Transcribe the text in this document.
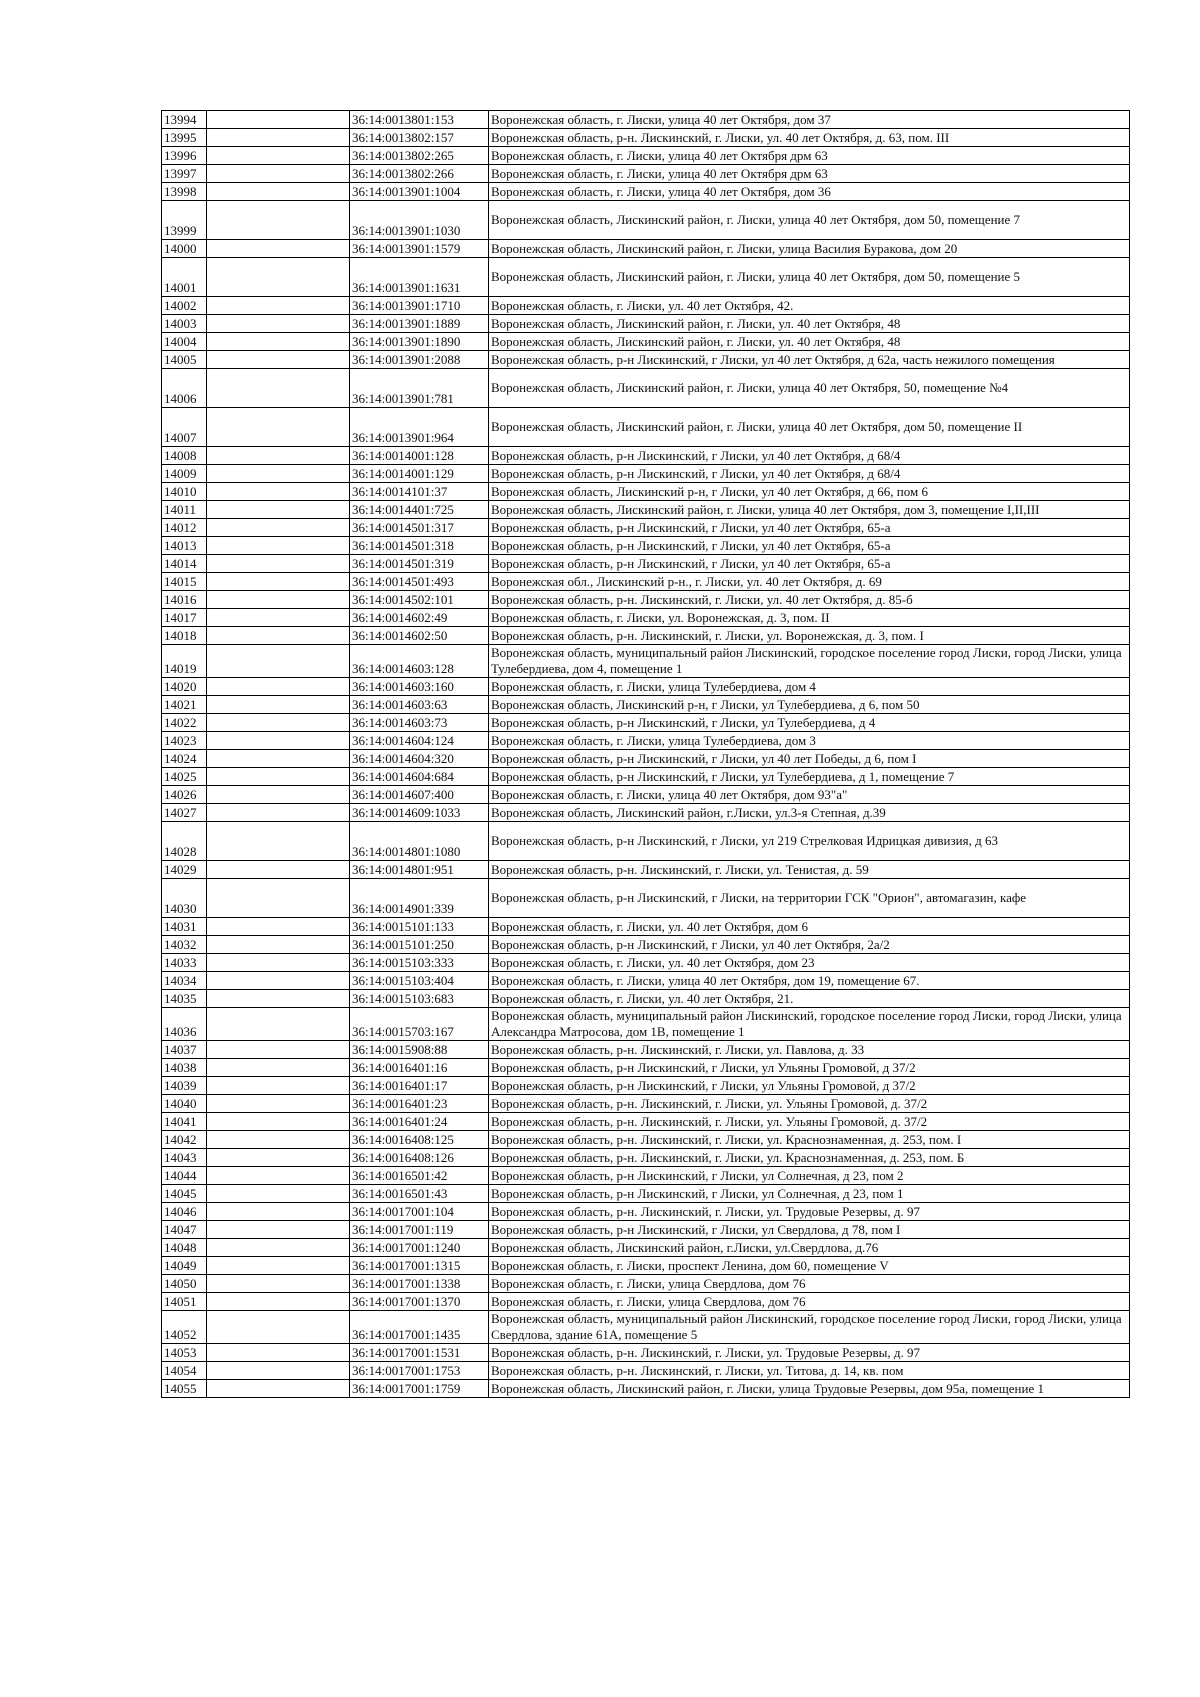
13994		36:14:0013801:153	Воронежская область, г. Лиски, улица 40 лет Октября, дом 37
13995		36:14:0013802:157	Воронежская область, р-н. Лискинский, г. Лиски, ул. 40 лет Октября, д. 63, пом. III
13996		36:14:0013802:265	Воронежская область, г. Лиски, улица 40 лет Октября дрм 63
13997		36:14:0013802:266	Воронежская область, г. Лиски, улица 40 лет Октября дрм 63
13998		36:14:0013901:1004	Воронежская область, г. Лиски, улица 40 лет Октября, дом 36
13999		36:14:0013901:1030	Воронежская область, Лискинский район, г. Лиски, улица 40 лет Октября, дом 50, помещение 7
14000		36:14:0013901:1579	Воронежская область, Лискинский район, г. Лиски, улица Василия Буракова, дом 20
14001		36:14:0013901:1631	Воронежская область, Лискинский район, г. Лиски, улица 40 лет Октября, дом 50, помещение 5
14002		36:14:0013901:1710	Воронежская область, г. Лиски, ул. 40 лет Октября, 42.
14003		36:14:0013901:1889	Воронежская область, Лискинский район, г. Лиски, ул. 40 лет Октября, 48
14004		36:14:0013901:1890	Воронежская область, Лискинский район, г. Лиски, ул. 40 лет Октября, 48
14005		36:14:0013901:2088	Воронежская область, р-н Лискинский, г Лиски, ул 40 лет Октября, д 62а, часть нежилого помещения
14006		36:14:0013901:781	Воронежская область, Лискинский район, г. Лиски, улица 40 лет Октября, 50, помещение №4
14007		36:14:0013901:964	Воронежская область, Лискинский район, г. Лиски, улица 40 лет Октября, дом 50, помещение II
14008		36:14:0014001:128	Воронежская область, р-н Лискинский, г Лиски, ул 40 лет Октября, д 68/4
14009		36:14:0014001:129	Воронежская область, р-н Лискинский, г Лиски, ул 40 лет Октября, д 68/4
14010		36:14:0014101:37	Воронежская область, Лискинский р-н, г Лиски, ул 40 лет Октября, д 66, пом 6
14011		36:14:0014401:725	Воронежская область, Лискинский район, г. Лиски, улица 40 лет Октября, дом 3, помещение I,II,III
14012		36:14:0014501:317	Воронежская область, р-н Лискинский, г Лиски, ул 40 лет Октября, 65-а
14013		36:14:0014501:318	Воронежская область, р-н Лискинский, г Лиски, ул 40 лет Октября, 65-а
14014		36:14:0014501:319	Воронежская область, р-н Лискинский, г Лиски, ул 40 лет Октября, 65-а
14015		36:14:0014501:493	Воронежская обл., Лискинский р-н., г. Лиски, ул. 40 лет Октября, д. 69
14016		36:14:0014502:101	Воронежская область, р-н. Лискинский, г. Лиски, ул. 40 лет Октября, д. 85-б
14017		36:14:0014602:49	Воронежская область, г. Лиски, ул. Воронежская, д. 3, пом. II
14018		36:14:0014602:50	Воронежская область, р-н. Лискинский, г. Лиски, ул. Воронежская, д. 3, пом. I
14019		36:14:0014603:128	Воронежская область, муниципальный район Лискинский, городское поселение город Лиски, город Лиски, улица Тулебердиева, дом 4, помещение 1
14020		36:14:0014603:160	Воронежская область, г. Лиски, улица Тулебердиева, дом 4
14021		36:14:0014603:63	Воронежская область, Лискинский р-н, г Лиски, ул Тулебердиева, д 6, пом 50
14022		36:14:0014603:73	Воронежская область, р-н Лискинский, г Лиски, ул Тулебердиева, д 4
14023		36:14:0014604:124	Воронежская область, г. Лиски, улица Тулебердиева, дом 3
14024		36:14:0014604:320	Воронежская область, р-н Лискинский, г Лиски, ул 40 лет Победы, д 6, пом I
14025		36:14:0014604:684	Воронежская область, р-н Лискинский, г Лиски, ул Тулебердиева, д 1, помещение 7
14026		36:14:0014607:400	Воронежская область, г. Лиски, улица 40 лет Октября, дом 93"а"
14027		36:14:0014609:1033	Воронежская область, Лискинский район, г.Лиски, ул.3-я Степная, д.39
14028		36:14:0014801:1080	Воронежская область, р-н Лискинский, г Лиски, ул 219 Стрелковая Идрицкая дивизия, д 63
14029		36:14:0014801:951	Воронежская область, р-н. Лискинский, г. Лиски, ул. Тенистая, д. 59
14030		36:14:0014901:339	Воронежская область, р-н Лискинский, г Лиски, на территории ГСК "Орион", автомагазин, кафе
14031		36:14:0015101:133	Воронежская область, г. Лиски, ул. 40 лет Октября, дом 6
14032		36:14:0015101:250	Воронежская область, р-н Лискинский, г Лиски, ул 40 лет Октября, 2а/2
14033		36:14:0015103:333	Воронежская область, г. Лиски, ул. 40 лет Октября, дом 23
14034		36:14:0015103:404	Воронежская область, г. Лиски, улица 40 лет Октября, дом 19, помещение 67.
14035		36:14:0015103:683	Воронежская область, г. Лиски, ул. 40 лет Октября, 21.
14036		36:14:0015703:167	Воронежская область, муниципальный район Лискинский, городское поселение город Лиски, город Лиски, улица Александра Матросова, дом 1В, помещение 1
14037		36:14:0015908:88	Воронежская область, р-н. Лискинский, г. Лиски, ул. Павлова, д. 33
14038		36:14:0016401:16	Воронежская область, р-н Лискинский, г Лиски, ул Ульяны Громовой, д 37/2
14039		36:14:0016401:17	Воронежская область, р-н Лискинский, г Лиски, ул Ульяны Громовой, д 37/2
14040		36:14:0016401:23	Воронежская область, р-н. Лискинский, г. Лиски, ул. Ульяны Громовой, д. 37/2
14041		36:14:0016401:24	Воронежская область, р-н. Лискинский, г. Лиски, ул. Ульяны Громовой, д. 37/2
14042		36:14:0016408:125	Воронежская область, р-н. Лискинский, г. Лиски, ул. Краснознаменная, д. 253, пом. I
14043		36:14:0016408:126	Воронежская область, р-н. Лискинский, г. Лиски, ул. Краснознаменная, д. 253, пом. Б
14044		36:14:0016501:42	Воронежская область, р-н Лискинский, г Лиски, ул Солнечная, д 23, пом 2
14045		36:14:0016501:43	Воронежская область, р-н Лискинский, г Лиски, ул Солнечная, д 23, пом 1
14046		36:14:0017001:104	Воронежская область, р-н. Лискинский, г. Лиски, ул. Трудовые Резервы, д. 97
14047		36:14:0017001:119	Воронежская область, р-н Лискинский, г Лиски, ул Свердлова, д 78, пом I
14048		36:14:0017001:1240	Воронежская область, Лискинский район, г.Лиски, ул.Свердлова, д.76
14049		36:14:0017001:1315	Воронежская область, г. Лиски, проспект Ленина, дом 60, помещение V
14050		36:14:0017001:1338	Воронежская область, г. Лиски, улица Свердлова, дом 76
14051		36:14:0017001:1370	Воронежская область, г. Лиски, улица Свердлова, дом 76
14052		36:14:0017001:1435	Воронежская область, муниципальный район Лискинский, городское поселение город Лиски, город Лиски, улица Свердлова, здание 61А, помещение 5
14053		36:14:0017001:1531	Воронежская область, р-н. Лискинский, г. Лиски, ул. Трудовые Резервы, д. 97
14054		36:14:0017001:1753	Воронежская область, р-н. Лискинский, г. Лиски, ул. Титова, д. 14, кв. пом
14055		36:14:0017001:1759	Воронежская область, Лискинский район, г. Лиски, улица Трудовые Резервы, дом 95а, помещение 1
